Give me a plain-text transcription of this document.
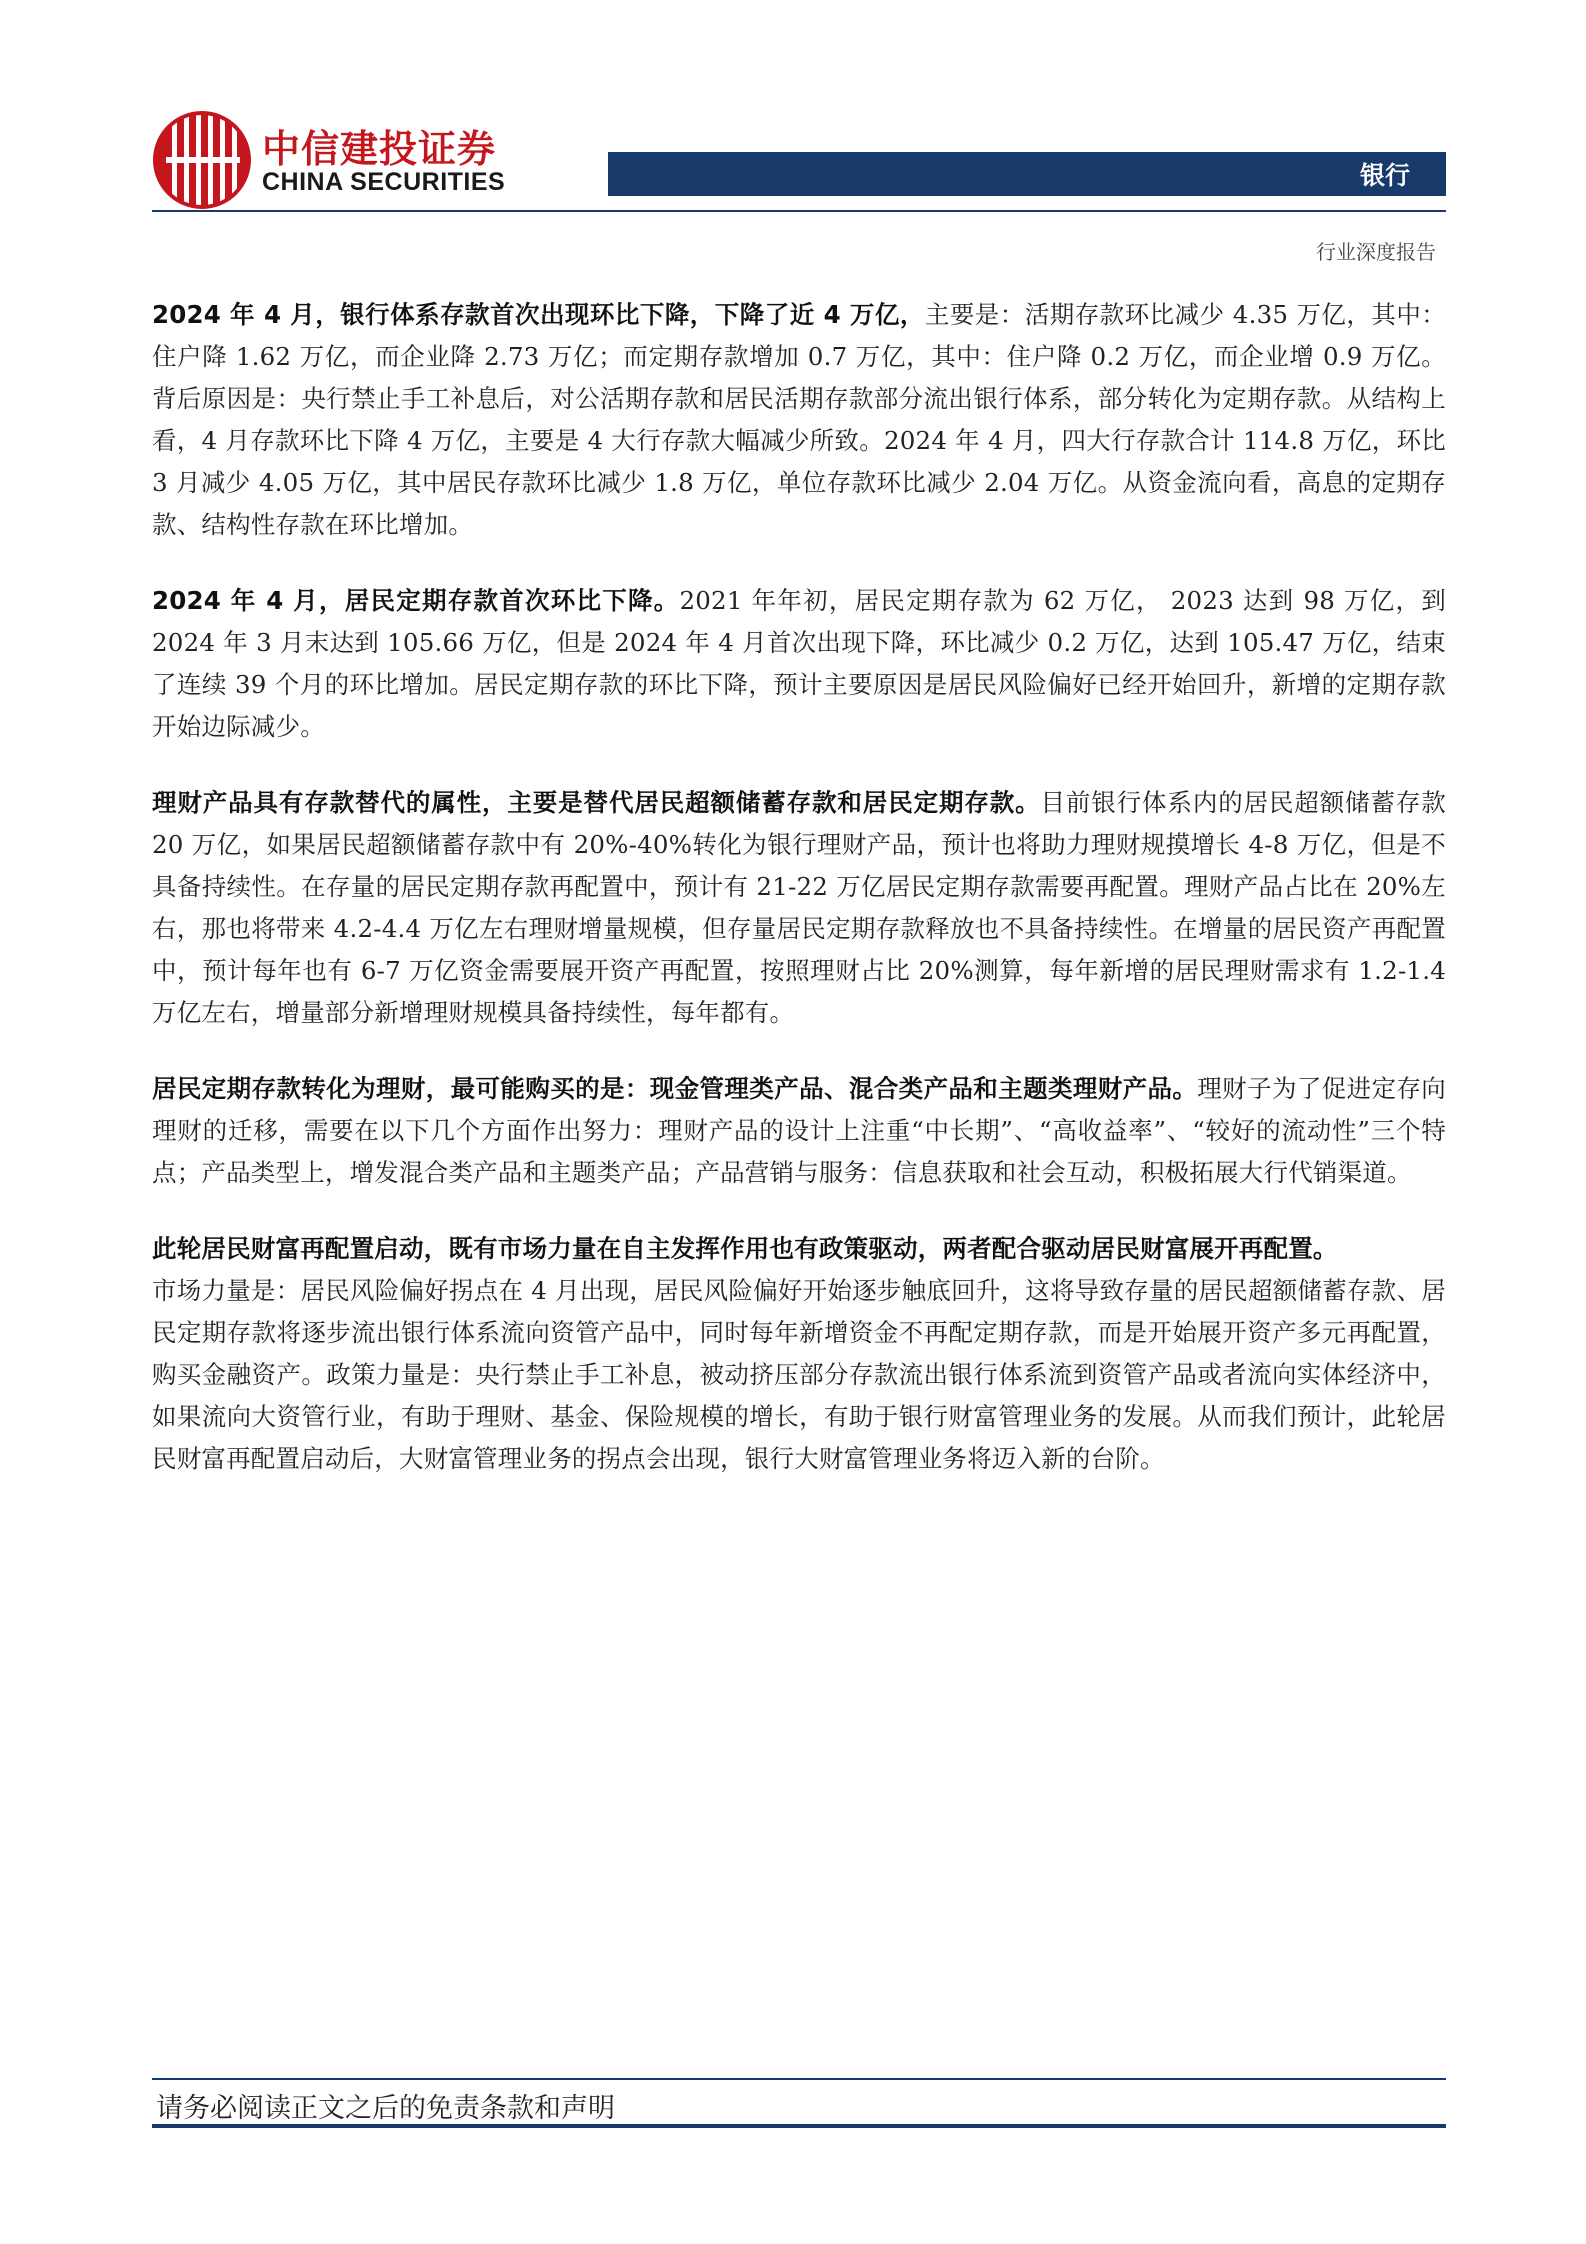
中信建投证券
CHINA SECURITIES	银行
行业深度报告

2024 年 4 月，银行体系存款首次出现环比下降，下降了近 4 万亿，主要是：活期存款环比减少 4.35 万亿，其中：住户降 1.62 万亿，而企业降 2.73 万亿；而定期存款增加 0.7 万亿，其中：住户降 0.2 万亿，而企业增 0.9 万亿。背后原因是：央行禁止手工补息后，对公活期存款和居民活期存款部分流出银行体系，部分转化为定期存款。从结构上看，4 月存款环比下降 4 万亿，主要是 4 大行存款大幅减少所致。2024 年 4 月，四大行存款合计 114.8 万亿，环比 3 月减少 4.05 万亿，其中居民存款环比减少 1.8 万亿，单位存款环比减少 2.04 万亿。从资金流向看，高息的定期存款、结构性存款在环比增加。

2024 年 4 月，居民定期存款首次环比下降。2021 年年初，居民定期存款为 62 万亿， 2023 达到 98 万亿，到 2024 年 3 月末达到 105.66 万亿，但是 2024 年 4 月首次出现下降，环比减少 0.2 万亿，达到 105.47 万亿，结束了连续 39 个月的环比增加。居民定期存款的环比下降，预计主要原因是居民风险偏好已经开始回升，新增的定期存款开始边际减少。

理财产品具有存款替代的属性，主要是替代居民超额储蓄存款和居民定期存款。目前银行体系内的居民超额储蓄存款 20 万亿，如果居民超额储蓄存款中有 20%-40%转化为银行理财产品，预计也将助力理财规摸增长 4-8 万亿，但是不具备持续性。在存量的居民定期存款再配置中，预计有 21-22 万亿居民定期存款需要再配置。理财产品占比在 20%左右，那也将带来 4.2-4.4 万亿左右理财增量规模，但存量居民定期存款释放也不具备持续性。在增量的居民资产再配置中，预计每年也有 6-7 万亿资金需要展开资产再配置，按照理财占比 20%测算，每年新增的居民理财需求有 1.2-1.4 万亿左右，增量部分新增理财规模具备持续性，每年都有。

居民定期存款转化为理财，最可能购买的是：现金管理类产品、混合类产品和主题类理财产品。理财子为了促进定存向理财的迁移，需要在以下几个方面作出努力：理财产品的设计上注重“中长期”、“高收益率”、“较好的流动性”三个特点；产品类型上，增发混合类产品和主题类产品；产品营销与服务：信息获取和社会互动，积极拓展大行代销渠道。

此轮居民财富再配置启动，既有市场力量在自主发挥作用也有政策驱动，两者配合驱动居民财富展开再配置。
市场力量是：居民风险偏好拐点在 4 月出现，居民风险偏好开始逐步触底回升，这将导致存量的居民超额储蓄存款、居民定期存款将逐步流出银行体系流向资管产品中，同时每年新增资金不再配定期存款，而是开始展开资产多元再配置，购买金融资产。政策力量是：央行禁止手工补息，被动挤压部分存款流出银行体系流到资管产品或者流向实体经济中，如果流向大资管行业，有助于理财、基金、保险规模的增长，有助于银行财富管理业务的发展。从而我们预计，此轮居民财富再配置启动后，大财富管理业务的拐点会出现，银行大财富管理业务将迈入新的台阶。

请务必阅读正文之后的免责条款和声明
